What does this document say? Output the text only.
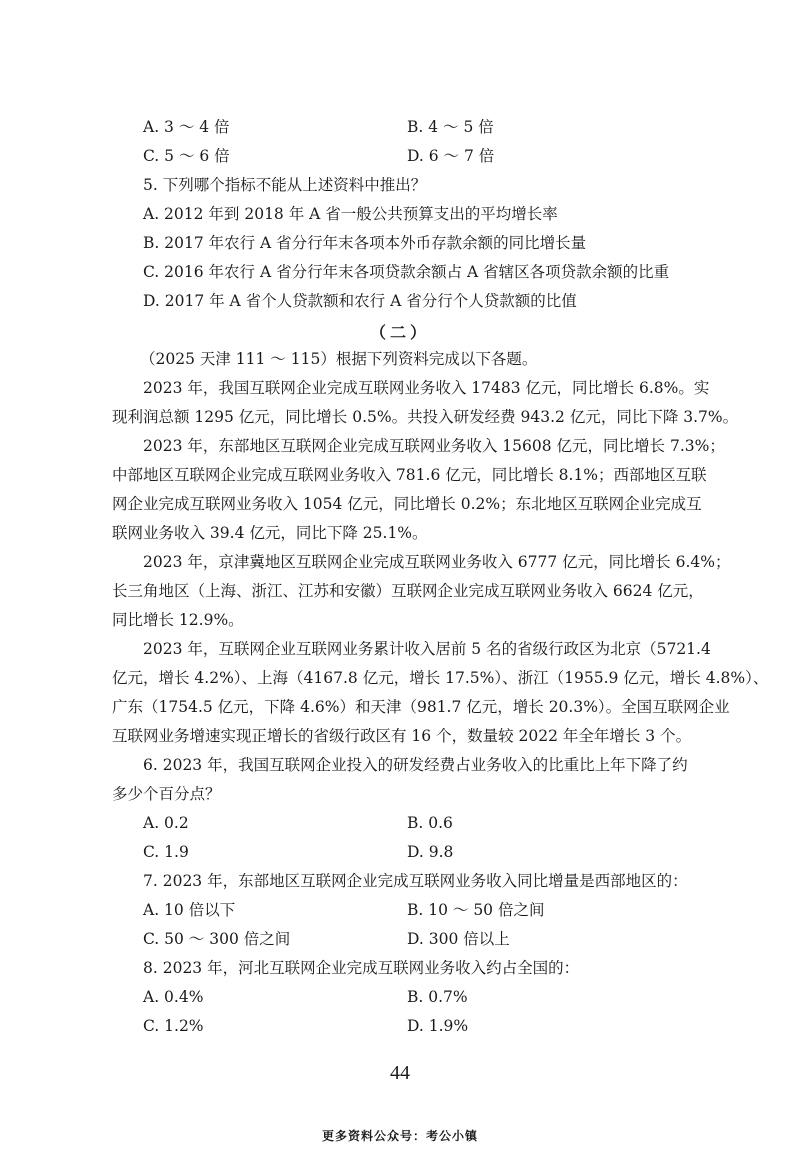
A. 3 ～ 4 倍	B. 4 ～ 5 倍
C. 5 ～ 6 倍	D. 6 ～ 7 倍
5. 下列哪个指标不能从上述资料中推出？
A. 2012 年到 2018 年 A 省一般公共预算支出的平均增长率
B. 2017 年农行 A 省分行年末各项本外币存款余额的同比增长量
C. 2016 年农行 A 省分行年末各项贷款余额占 A 省辖区各项贷款余额的比重
D. 2017 年 A 省个人贷款额和农行 A 省分行个人贷款额的比值
（二）
（2025 天津 111 ～ 115）根据下列资料完成以下各题。
2023 年，我国互联网企业完成互联网业务收入 17483 亿元，同比增长 6.8%。实
现利润总额 1295 亿元，同比增长 0.5%。共投入研发经费 943.2 亿元，同比下降 3.7%。
2023 年，东部地区互联网企业完成互联网业务收入 15608 亿元，同比增长 7.3%；
中部地区互联网企业完成互联网业务收入 781.6 亿元，同比增长 8.1%；西部地区互联
网企业完成互联网业务收入 1054 亿元，同比增长 0.2%；东北地区互联网企业完成互
联网业务收入 39.4 亿元，同比下降 25.1%。
2023 年，京津冀地区互联网企业完成互联网业务收入 6777 亿元，同比增长 6.4%；
长三角地区（上海、浙江、江苏和安徽）互联网企业完成互联网业务收入 6624 亿元，
同比增长 12.9%。
2023 年，互联网企业互联网业务累计收入居前 5 名的省级行政区为北京（5721.4
亿元，增长 4.2%）、上海（4167.8 亿元，增长 17.5%）、浙江（1955.9 亿元，增长 4.8%）、
广东（1754.5 亿元，下降 4.6%）和天津（981.7 亿元，增长 20.3%）。全国互联网企业
互联网业务增速实现正增长的省级行政区有 16 个，数量较 2022 年全年增长 3 个。
6. 2023 年，我国互联网企业投入的研发经费占业务收入的比重比上年下降了约
多少个百分点？
A. 0.2	B. 0.6
C. 1.9	D. 9.8
7. 2023 年，东部地区互联网企业完成互联网业务收入同比增量是西部地区的：
A. 10 倍以下	B. 10 ～ 50 倍之间
C. 50 ～ 300 倍之间	D. 300 倍以上
8. 2023 年，河北互联网企业完成互联网业务收入约占全国的：
A. 0.4%	B. 0.7%
C. 1.2%	D. 1.9%
44
更多资料公众号：考公小镇
